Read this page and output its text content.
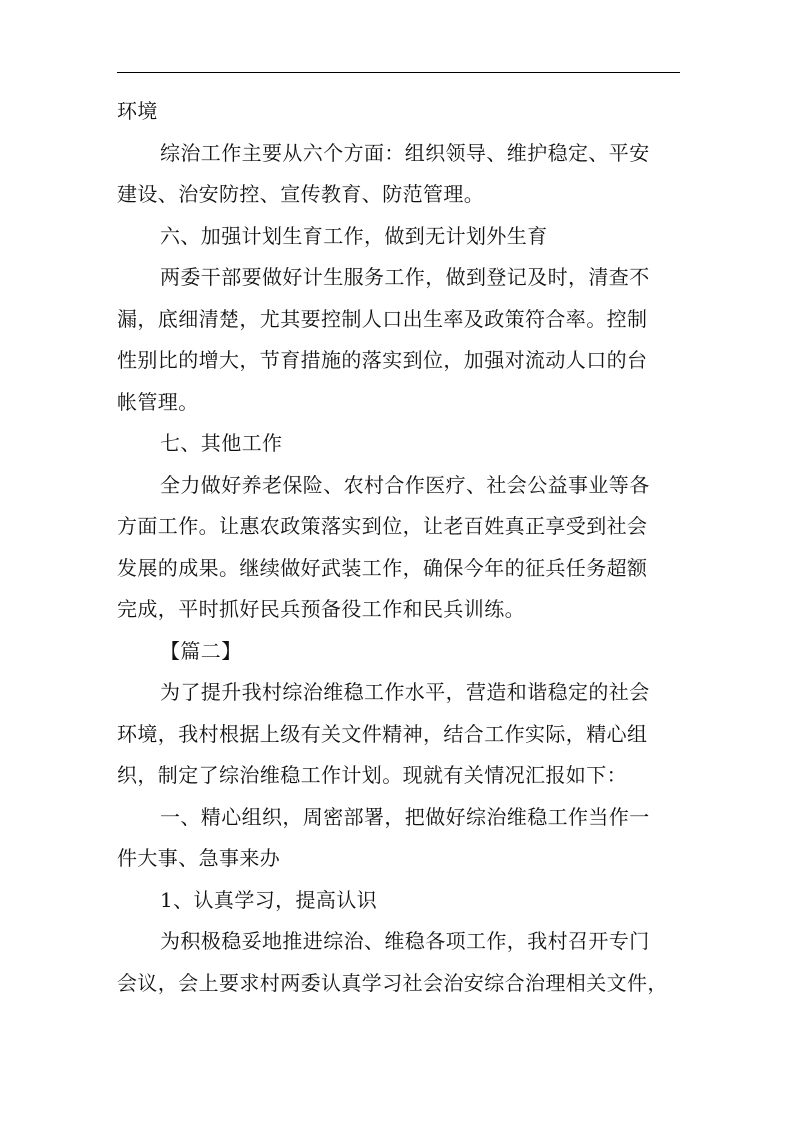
环境
综治工作主要从六个方面：组织领导、维护稳定、平安
建设、治安防控、宣传教育、防范管理。
六、加强计划生育工作，做到无计划外生育
两委干部要做好计生服务工作，做到登记及时，清查不
漏，底细清楚，尤其要控制人口出生率及政策符合率。控制
性别比的增大，节育措施的落实到位，加强对流动人口的台
帐管理。
七、其他工作
全力做好养老保险、农村合作医疗、社会公益事业等各
方面工作。让惠农政策落实到位，让老百姓真正享受到社会
发展的成果。继续做好武装工作，确保今年的征兵任务超额
完成，平时抓好民兵预备役工作和民兵训练。
【篇二】
为了提升我村综治维稳工作水平，营造和谐稳定的社会
环境，我村根据上级有关文件精神，结合工作实际，精心组
织，制定了综治维稳工作计划。现就有关情况汇报如下：
一、精心组织，周密部署，把做好综治维稳工作当作一
件大事、急事来办
1、认真学习，提高认识
为积极稳妥地推进综治、维稳各项工作，我村召开专门
会议，会上要求村两委认真学习社会治安综合治理相关文件，
